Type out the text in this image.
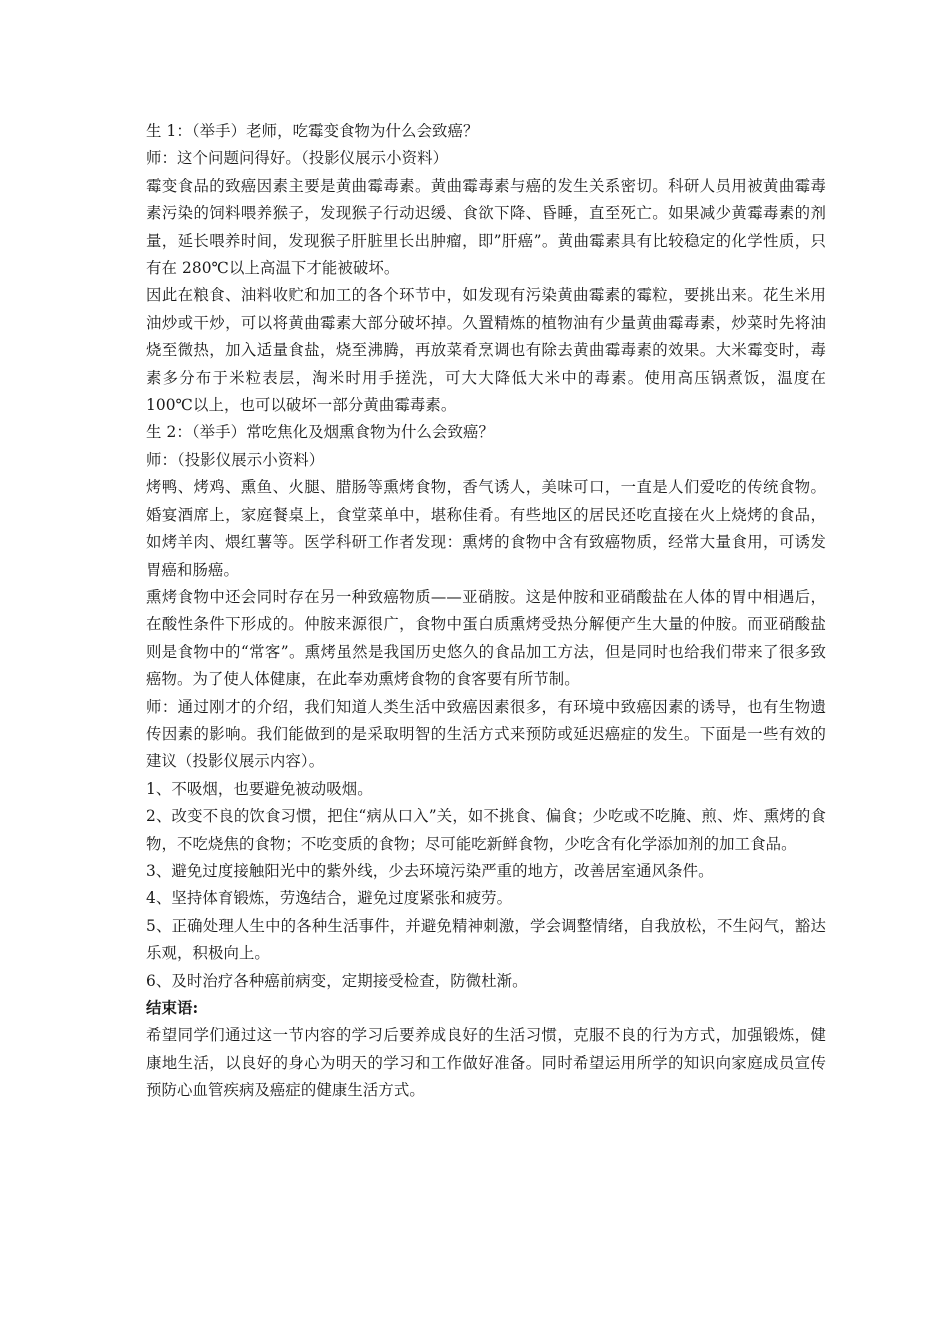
生 1：（举手）老师，吃霉变食物为什么会致癌？

师：这个问题问得好。（投影仪展示小资料）

霉变食品的致癌因素主要是黄曲霉毒素。黄曲霉毒素与癌的发生关系密切。科研人员用被黄曲霉毒素污染的饲料喂养猴子，发现猴子行动迟缓、食欲下降、昏睡，直至死亡。如果减少黄霉毒素的剂量，延长喂养时间，发现猴子肝脏里长出肿瘤，即”肝癌”。黄曲霉素具有比较稳定的化学性质，只有在 280℃以上高温下才能被破坏。

因此在粮食、油料收贮和加工的各个环节中，如发现有污染黄曲霉素的霉粒，要挑出来。花生米用油炒或干炒，可以将黄曲霉素大部分破坏掉。久置精炼的植物油有少量黄曲霉毒素，炒菜时先将油烧至微热，加入适量食盐，烧至沸腾，再放菜肴烹调也有除去黄曲霉毒素的效果。大米霉变时，毒素多分布于米粒表层，淘米时用手搓洗，可大大降低大米中的毒素。使用高压锅煮饭，温度在 100℃以上，也可以破坏一部分黄曲霉毒素。

生 2：（举手）常吃焦化及烟熏食物为什么会致癌？

师：（投影仪展示小资料）

烤鸭、烤鸡、熏鱼、火腿、腊肠等熏烤食物，香气诱人，美味可口，一直是人们爱吃的传统食物。婚宴酒席上，家庭餐桌上，食堂菜单中，堪称佳肴。有些地区的居民还吃直接在火上烧烤的食品，如烤羊肉、煨红薯等。医学科研工作者发现：熏烤的食物中含有致癌物质，经常大量食用，可诱发胃癌和肠癌。

熏烤食物中还会同时存在另一种致癌物质——亚硝胺。这是仲胺和亚硝酸盐在人体的胃中相遇后，在酸性条件下形成的。仲胺来源很广，食物中蛋白质熏烤受热分解便产生大量的仲胺。而亚硝酸盐则是食物中的“常客”。熏烤虽然是我国历史悠久的食品加工方法，但是同时也给我们带来了很多致癌物。为了使人体健康，在此奉劝熏烤食物的食客要有所节制。

师：通过刚才的介绍，我们知道人类生活中致癌因素很多，有环境中致癌因素的诱导，也有生物遗传因素的影响。我们能做到的是采取明智的生活方式来预防或延迟癌症的发生。下面是一些有效的建议（投影仪展示内容）。

1、不吸烟，也要避免被动吸烟。

2、改变不良的饮食习惯，把住“病从口入”关，如不挑食、偏食；少吃或不吃腌、煎、炸、熏烤的食物，不吃烧焦的食物；不吃变质的食物；尽可能吃新鲜食物，少吃含有化学添加剂的加工食品。

3、避免过度接触阳光中的紫外线，少去环境污染严重的地方，改善居室通风条件。

4、坚持体育锻炼，劳逸结合，避免过度紧张和疲劳。

5、正确处理人生中的各种生活事件，并避免精神刺激，学会调整情绪，自我放松，不生闷气，豁达乐观，积极向上。

6、及时治疗各种癌前病变，定期接受检查，防微杜渐。

结束语:

希望同学们通过这一节内容的学习后要养成良好的生活习惯，克服不良的行为方式，加强锻炼，健康地生活，以良好的身心为明天的学习和工作做好准备。同时希望运用所学的知识向家庭成员宣传预防心血管疾病及癌症的健康生活方式。
